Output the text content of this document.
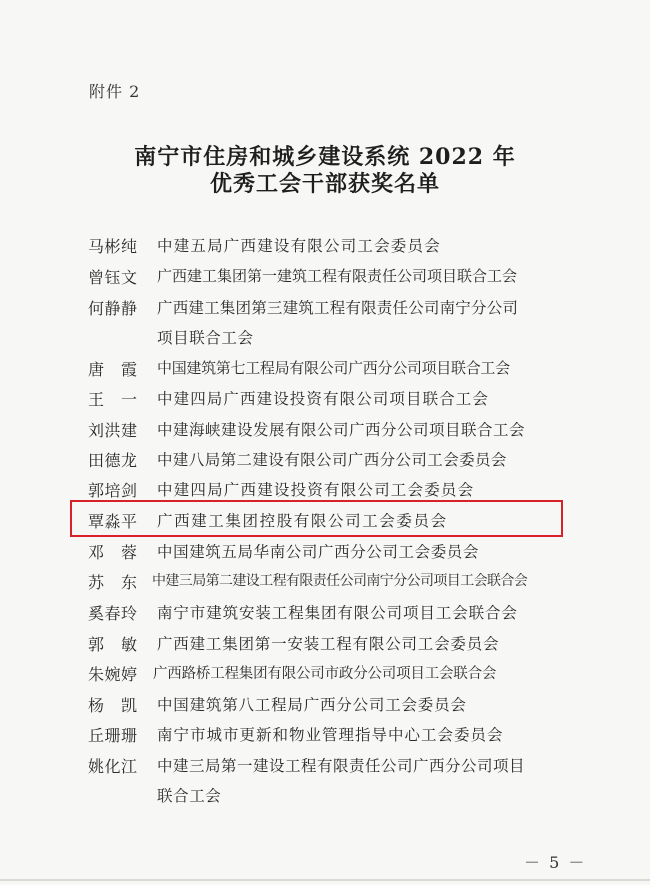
附件 2
南宁市住房和城乡建设系统 2022 年
优秀工会干部获奖名单
马彬纯 中建五局广西建设有限公司工会委员会
曾钰文 广西建工集团第一建筑工程有限责任公司项目联合工会
何静静 广西建工集团第三建筑工程有限责任公司南宁分公司
项目联合工会
唐　霞 中国建筑第七工程局有限公司广西分公司项目联合工会
王　一 中建四局广西建设投资有限公司项目联合工会
刘洪建 中建海峡建设发展有限公司广西分公司项目联合工会
田德龙 中建八局第二建设有限公司广西分公司工会委员会
郭培剑 中建四局广西建设投资有限公司工会委员会
覃淼平 广西建工集团控股有限公司工会委员会
邓　蓉 中国建筑五局华南公司广西分公司工会委员会
苏　东 中建三局第二建设工程有限责任公司南宁分公司项目工会联合会
奚春玲 南宁市建筑安装工程集团有限公司项目工会联合会
郭　敏 广西建工集团第一安装工程有限公司工会委员会
朱婉婷 广西路桥工程集团有限公司市政分公司项目工会联合会
杨　凯 中国建筑第八工程局广西分公司工会委员会
丘珊珊 南宁市城市更新和物业管理指导中心工会委员会
姚化江 中建三局第一建设工程有限责任公司广西分公司项目
联合工会
－ 5 －
